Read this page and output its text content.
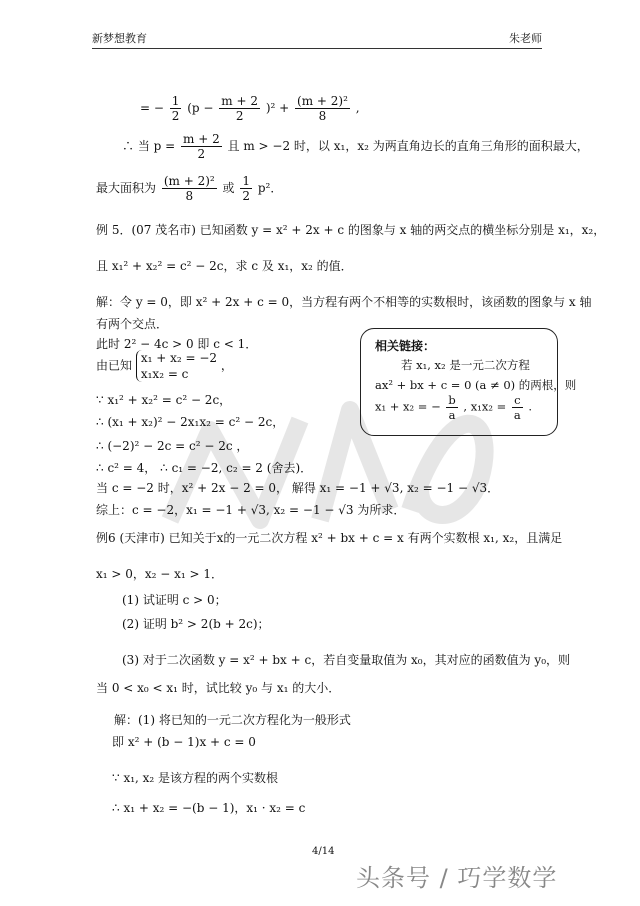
新梦想教育	朱老师
= − $\frac{1}{2} (p - \frac{m + 2}{2} )^2 + \frac{\text{(m + 2)²}}{8}$ ,
∴ 当 $p = \frac{m + 2}{2}$ 且 m > −2 时，以 x₁，x₂ 为两直角边长的直角三角形的面积最大，
最大面积为 $\frac{\text{(m + 2)²}}{8}$ 或 $\frac{1}{2} p^2$．
例 5．(07 茂名市) 已知函数 y = x² + 2x + c 的图象与 x 轴的两交点的横坐标分别是 x₁，x₂，
且 x₁² + x₂² = c² − 2c，求 c 及 x₁，x₂ 的值．
解：令 y = 0，即 x² + 2x + c = 0，当方程有两个不相等的实数根时，该函数的图象与 x 轴
有两个交点．
此时 2² − 4c > 0 即 c < 1．
由已知
x₁ + x₂ = −2
x₁x₂ = c
，
∵ x₁² + x₂² = c² − 2c，
∴ (x₁ + x₂)² − 2x₁x₂ = c² − 2c，
∴ (−2)² − 2c = c² − 2c ，
∴ c² = 4， ∴ c₁ = −2, c₂ = 2 (舍去)．
当 c = −2 时，x² + 2x − 2 = 0， 解得 x₁ = −1 + √3, x₂ = −1 − √3．
综上：c = −2，x₁ = −1 + √3, x₂ = −1 − √3 为所求．
例6 (天津市) 已知关于x的一元二次方程 x² + bx + c = x 有两个实数根 x₁, x₂，且满足
x₁ > 0，x₂ − x₁ > 1．
(1) 试证明 c > 0；
(2) 证明 b² > 2(b + 2c)；
(3) 对于二次函数 y = x² + bx + c，若自变量取值为 x₀，其对应的函数值为 y₀，则
当 0 < x₀ < x₁ 时，试比较 y₀ 与 x₁ 的大小．
解：(1) 将已知的一元二次方程化为一般形式
即 x² + (b − 1)x + c = 0
∵ x₁, x₂ 是该方程的两个实数根
∴ x₁ + x₂ = −(b − 1)，x₁ · x₂ = c
相关链接：
若 x₁, x₂ 是一元二次方程
ax² + bx + c = 0 (a ≠ 0) 的两根，则
x₁ + x₂ = − $\frac{b}{a}$ , $x_1x_2 = \frac{c}{a}$ .
4/14
头条号 / 巧学数学
